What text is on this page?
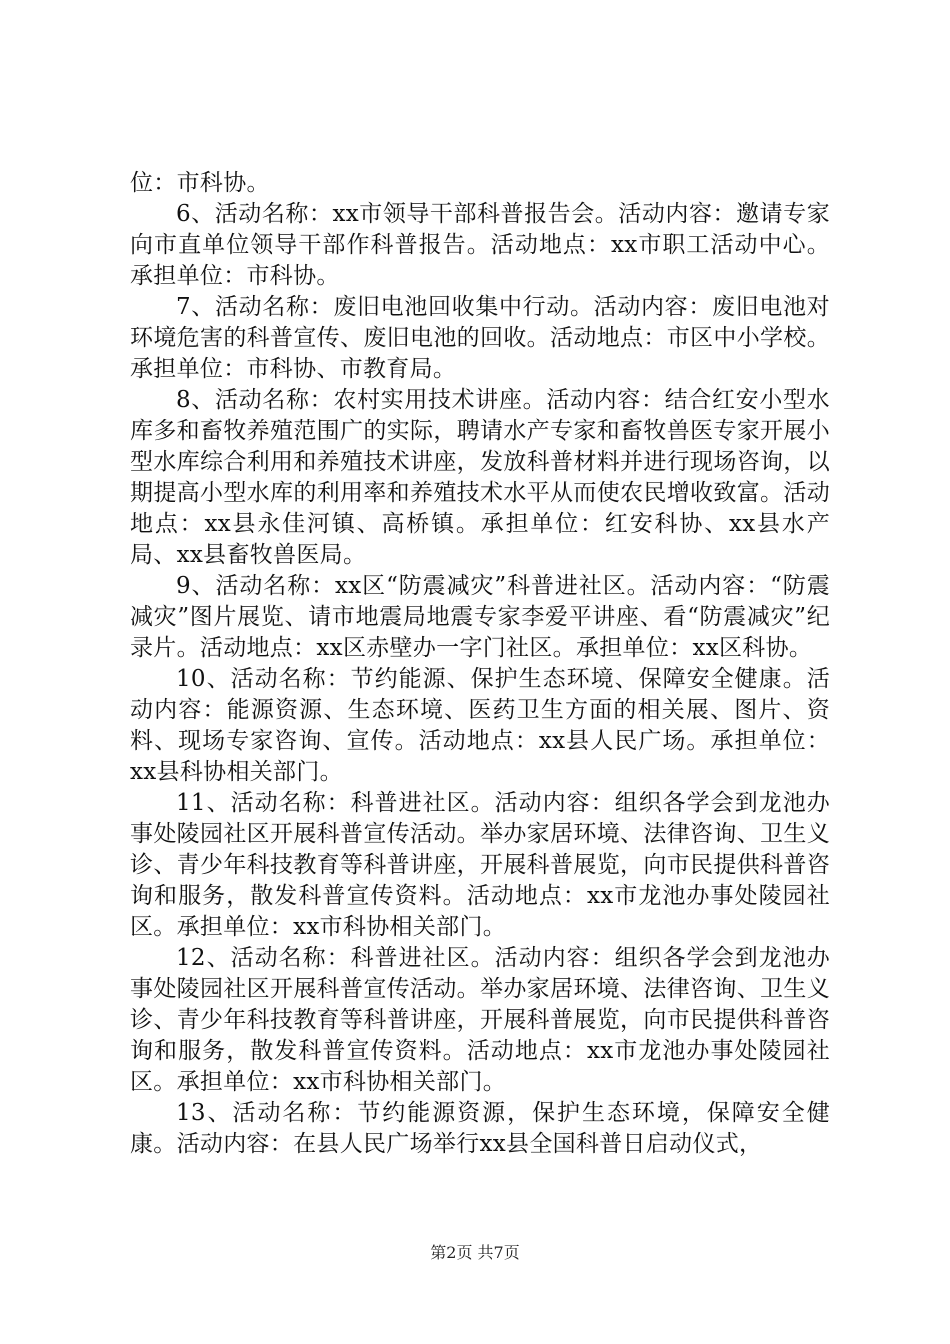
位：市科协。

6、活动名称：xx市领导干部科普报告会。活动内容：邀请专家向市直单位领导干部作科普报告。活动地点：xx市职工活动中心。承担单位：市科协。

7、活动名称：废旧电池回收集中行动。活动内容：废旧电池对环境危害的科普宣传、废旧电池的回收。活动地点：市区中小学校。承担单位：市科协、市教育局。

8、活动名称：农村实用技术讲座。活动内容：结合红安小型水库多和畜牧养殖范围广的实际，聘请水产专家和畜牧兽医专家开展小型水库综合利用和养殖技术讲座，发放科普材料并进行现场咨询，以期提高小型水库的利用率和养殖技术水平从而使农民增收致富。活动地点：xx县永佳河镇、高桥镇。承担单位：红安科协、xx县水产局、xx县畜牧兽医局。

9、活动名称：xx区“防震减灾”科普进社区。活动内容：“防震减灾”图片展览、请市地震局地震专家李爱平讲座、看“防震减灾”纪录片。活动地点：xx区赤壁办一字门社区。承担单位：xx区科协。

10、活动名称：节约能源、保护生态环境、保障安全健康。活动内容：能源资源、生态环境、医药卫生方面的相关展、图片、资料、现场专家咨询、宣传。活动地点：xx县人民广场。承担单位：xx县科协相关部门。

11、活动名称：科普进社区。活动内容：组织各学会到龙池办事处陵园社区开展科普宣传活动。举办家居环境、法律咨询、卫生义诊、青少年科技教育等科普讲座，开展科普展览，向市民提供科普咨询和服务，散发科普宣传资料。活动地点：xx市龙池办事处陵园社区。承担单位：xx市科协相关部门。

12、活动名称：科普进社区。活动内容：组织各学会到龙池办事处陵园社区开展科普宣传活动。举办家居环境、法律咨询、卫生义诊、青少年科技教育等科普讲座，开展科普展览，向市民提供科普咨询和服务，散发科普宣传资料。活动地点：xx市龙池办事处陵园社区。承担单位：xx市科协相关部门。

13、活动名称：节约能源资源，保护生态环境，保障安全健康。活动内容：在县人民广场举行xx县全国科普日启动仪式，

第2页 共7页
